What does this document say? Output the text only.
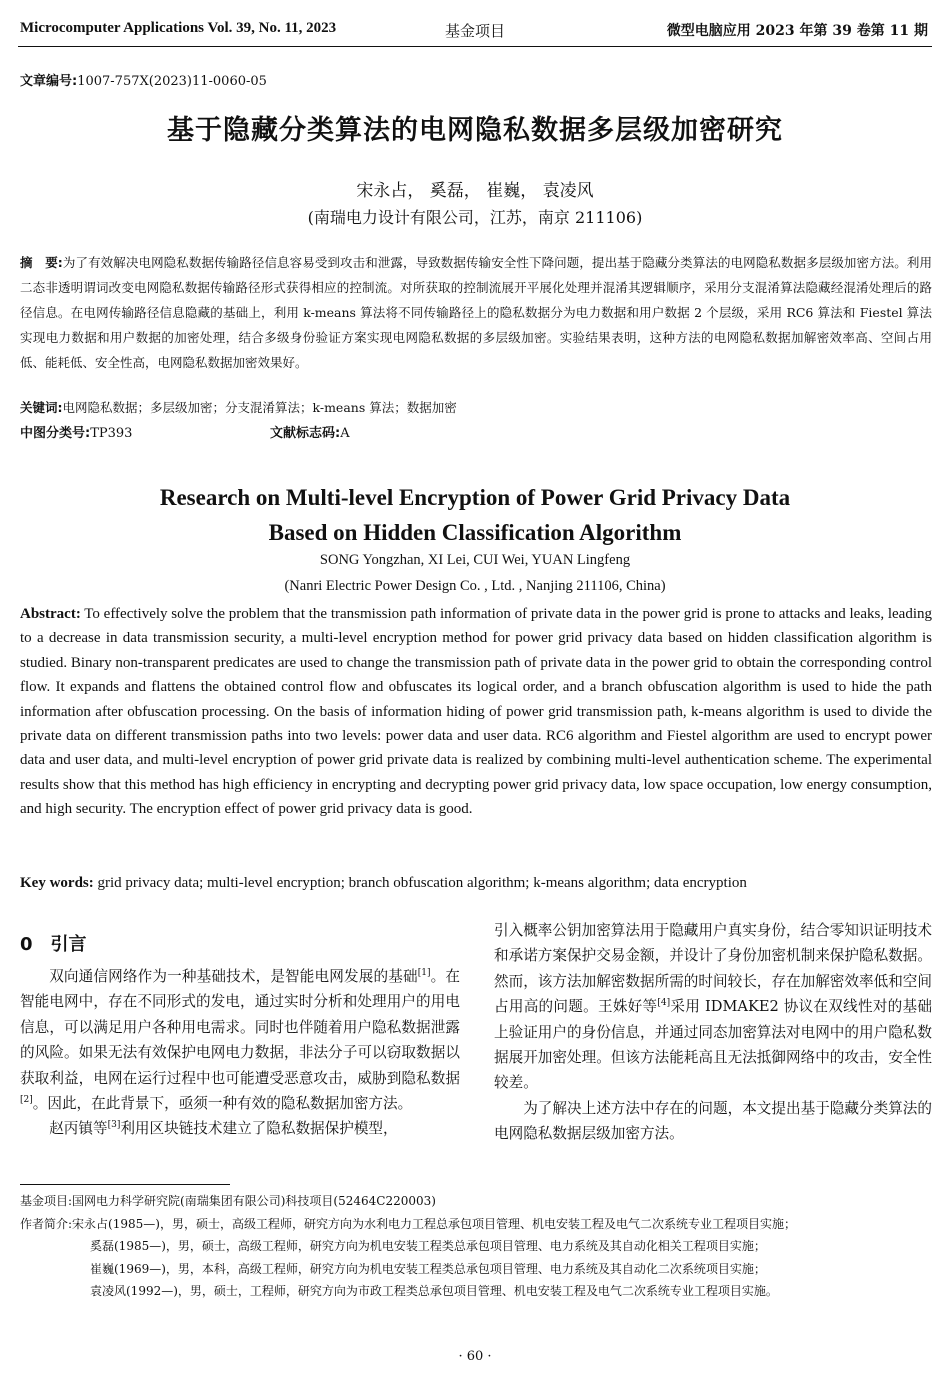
Microcomputer Applications Vol. 39, No. 11, 2023	基金项目	微型电脑应用 2023 年第 39 卷第 11 期
文章编号:1007-757X(2023)11-0060-05
基于隐藏分类算法的电网隐私数据多层级加密研究
宋永占， 奚磊， 崔巍， 袁凌风
(南瑞电力设计有限公司，江苏，南京 211106)
摘　要:为了有效解决电网隐私数据传输路径信息容易受到攻击和泄露，导致数据传输安全性下降问题，提出基于隐藏分类算法的电网隐私数据多层级加密方法。利用二态非透明谓词改变电网隐私数据传输路径形式获得相应的控制流。对所获取的控制流展开平展化处理并混淆其逻辑顺序，采用分支混淆算法隐藏经混淆处理后的路径信息。在电网传输路径信息隐藏的基础上，利用 k-means 算法将不同传输路径上的隐私数据分为电力数据和用户数据 2 个层级，采用 RC6 算法和 Fiestel 算法实现电力数据和用户数据的加密处理，结合多级身份验证方案实现电网隐私数据的多层级加密。实验结果表明，这种方法的电网隐私数据加解密效率高、空间占用低、能耗低、安全性高，电网隐私数据加密效果好。
关键词:电网隐私数据；多层级加密；分支混淆算法；k-means 算法；数据加密
中图分类号:TP393	文献标志码:A
Research on Multi-level Encryption of Power Grid Privacy Data
Based on Hidden Classification Algorithm
SONG Yongzhan, XI Lei, CUI Wei, YUAN Lingfeng
(Nanri Electric Power Design Co. , Ltd. , Nanjing 211106, China)
Abstract: To effectively solve the problem that the transmission path information of private data in the power grid is prone to attacks and leaks, leading to a decrease in data transmission security, a multi-level encryption method for power grid privacy data based on hidden classification algorithm is studied. Binary non-transparent predicates are used to change the transmission path of private data in the power grid to obtain the corresponding control flow. It expands and flattens the obtained control flow and obfuscates its logical order, and a branch obfuscation algorithm is used to hide the path information after obfuscation processing. On the basis of information hiding of power grid transmission path, k-means algorithm is used to divide the private data on different transmission paths into two levels: power data and user data. RC6 algorithm and Fiestel algorithm are used to encrypt power data and user data, and multi-level encryption of power grid private data is realized by combining multi-level authentication scheme. The experimental results show that this method has high efficiency in encrypting and decrypting power grid privacy data, low space occupation, low energy consumption, and high security. The encryption effect of power grid privacy data is good.
Key words: grid privacy data; multi-level encryption; branch obfuscation algorithm; k-means algorithm; data encryption
0 引言

双向通信网络作为一种基础技术，是智能电网发展的基础[1]。在智能电网中，存在不同形式的发电，通过实时分析和处理用户的用电信息，可以满足用户各种用电需求。同时也伴随着用户隐私数据泄露的风险。如果无法有效保护电网电力数据，非法分子可以窃取数据以获取利益，电网在运行过程中也可能遭受恶意攻击，威胁到隐私数据[2]。因此，在此背景下，亟须一种有效的隐私数据加密方法。

赵丙镇等[3]利用区块链技术建立了隐私数据保护模型，

引入概率公钥加密算法用于隐藏用户真实身份，结合零知识证明技术和承诺方案保护交易金额，并设计了身份加密机制来保护隐私数据。然而，该方法加解密数据所需的时间较长，存在加解密效率低和空间占用高的问题。王姝好等[4]采用 IDMAKE2 协议在双线性对的基础上验证用户的身份信息，并通过同态加密算法对电网中的用户隐私数据展开加密处理。但该方法能耗高且无法抵御网络中的攻击，安全性较差。

为了解决上述方法中存在的问题，本文提出基于隐藏分类算法的电网隐私数据层级加密方法。

基金项目: 国网电力科学研究院(南瑞集团有限公司)科技项目(52464C220003)
作者简介: 宋永占(1985—)，男，硕士，高级工程师，研究方向为水利电力工程总承包项目管理、机电安装工程及电气二次系统专业工程项目实施；
奚磊(1985—)，男，硕士，高级工程师，研究方向为机电安装工程类总承包项目管理、电力系统及其自动化相关工程项目实施；
崔巍(1969—)，男，本科，高级工程师，研究方向为机电安装工程类总承包项目管理、电力系统及其自动化二次系统项目实施；
袁凌风(1992—)，男，硕士，工程师，研究方向为市政工程类总承包项目管理、机电安装工程及电气二次系统专业工程项目实施。
· 60 ·
